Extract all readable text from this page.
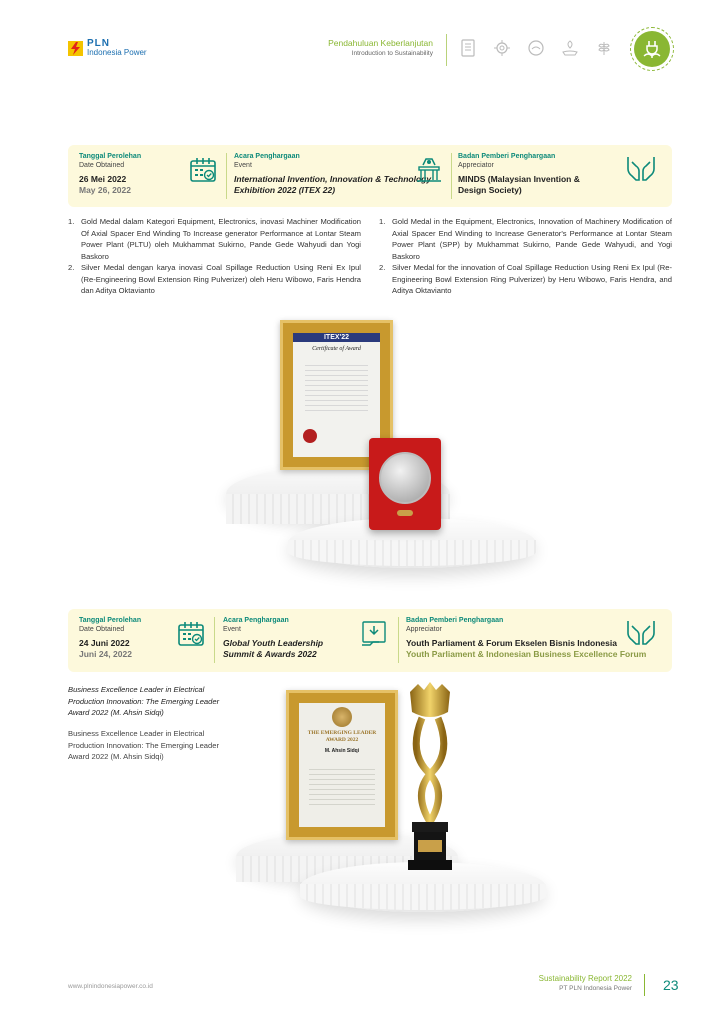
PLN
Indonesia Power
Pendahuluan Keberlanjutan
Introduction to Sustainability
Tanggal Perolehan
Date Obtained
26 Mei 2022
May 26, 2022
Acara Penghargaan
Event
International Invention, Innovation & Technology Exhibition 2022 (ITEX 22)
Badan Pemberi Penghargaan
Appreciator
MINDS (Malaysian Invention & Design Society)
1. Gold Medal dalam Kategori Equipment, Electronics, inovasi Machiner Modification Of Axial Spacer End Winding To Increase generator Performance at Lontar Steam Power Plant (PLTU) oleh Mukhammat Sukirno, Pande Gede Wahyudi dan Yogi Baskoro
2. Silver Medal dengan karya inovasi Coal Spillage Reduction Using Reni Ex Ipul (Re-Engineering Bowl Extension Ring Pulverizer) oleh Heru Wibowo, Faris Hendra dan Aditya Oktavianto
1. Gold Medal in the Equipment, Electronics, Innovation of Machinery Modification of Axial Spacer End Winding to Increase Generator's Performance at Lontar Steam Power Plant (SPP) by Mukhammat Sukirno, Pande Gede Wahyudi, and Yogi Baskoro
2. Silver Medal for the innovation of Coal Spillage Reduction Using Reni Ex Ipul (Re-Engineering Bowl Extension Ring Pulverizer) by Heru Wibowo, Faris Hendra, and Aditya Oktavianto
ITEX'22
Certificate of Award
Tanggal Perolehan
Date Obtained
24 Juni 2022
Juni 24, 2022
Acara Penghargaan
Event
Global Youth Leadership Summit & Awards 2022
Badan Pemberi Penghargaan
Appreciator
Youth Parliament & Forum Ekselen Bisnis Indonesia
Youth Parliament & Indonesian Business Excellence Forum
Business Excellence Leader in Electrical Production Innovation: The Emerging Leader Award 2022 (M. Ahsin Sidqi)
Business Excellence Leader in Electrical Production Innovation: The Emerging Leader Award 2022 (M. Ahsin Sidqi)
THE EMERGING LEADER AWARD 2022
M. Ahsin Sidqi
www.plnindonesiapower.co.id
Sustainability Report 2022
PT PLN Indonesia Power 23
